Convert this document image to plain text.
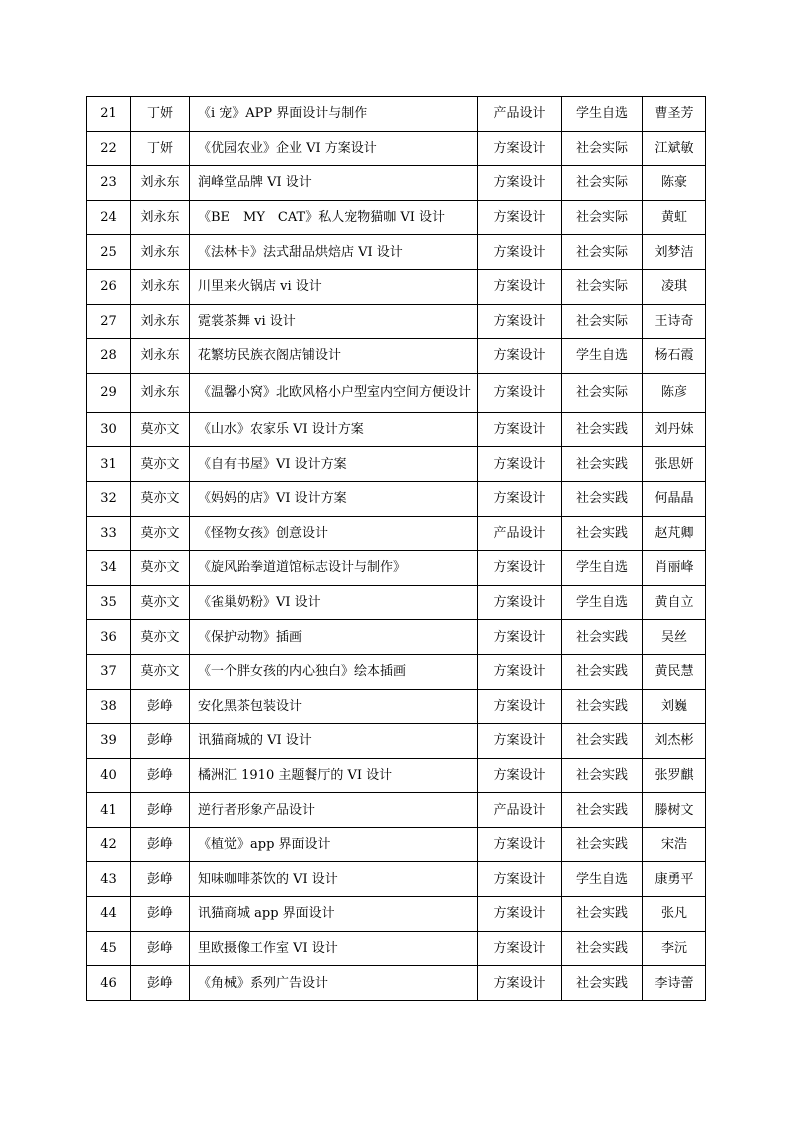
21	丁妍	《i 宠》APP 界面设计与制作	产品设计	学生自选	曹圣芳
22	丁妍	《优园农业》企业 VI 方案设计	方案设计	社会实际	江斌敏
23	刘永东	润峰堂品牌 VI 设计	方案设计	社会实际	陈豪
24	刘永东	《BE　MY　CAT》私人宠物猫咖 VI 设计	方案设计	社会实际	黄虹
25	刘永东	《法林卡》法式甜品烘焙店 VI 设计	方案设计	社会实际	刘梦洁
26	刘永东	川里来火锅店 vi 设计	方案设计	社会实际	凌琪
27	刘永东	霓裳茶舞 vi 设计	方案设计	社会实际	王诗奇
28	刘永东	花繁坊民族衣阁店铺设计	方案设计	学生自选	杨石霞
29	刘永东	《温馨小窝》北欧风格小户型室内空间方便设计	方案设计	社会实际	陈彦
30	莫亦文	《山水》农家乐 VI 设计方案	方案设计	社会实践	刘丹妹
31	莫亦文	《自有书屋》VI 设计方案	方案设计	社会实践	张思妍
32	莫亦文	《妈妈的店》VI 设计方案	方案设计	社会实践	何晶晶
33	莫亦文	《怪物女孩》创意设计	产品设计	社会实践	赵芃卿
34	莫亦文	《旋风跆拳道道馆标志设计与制作》	方案设计	学生自选	肖丽峰
35	莫亦文	《雀巢奶粉》VI 设计	方案设计	学生自选	黄自立
36	莫亦文	《保护动物》插画	方案设计	社会实践	吴丝
37	莫亦文	《一个胖女孩的内心独白》绘本插画	方案设计	社会实践	黄民慧
38	彭峥	安化黑茶包装设计	方案设计	社会实践	刘巍
39	彭峥	讯猫商城的 VI 设计	方案设计	社会实践	刘杰彬
40	彭峥	橘洲汇 1910 主题餐厅的 VI 设计	方案设计	社会实践	张罗麒
41	彭峥	逆行者形象产品设计	产品设计	社会实践	滕树文
42	彭峥	《植觉》app 界面设计	方案设计	社会实践	宋浩
43	彭峥	知味咖啡茶饮的 VI 设计	方案设计	学生自选	康勇平
44	彭峥	讯猫商城 app 界面设计	方案设计	社会实践	张凡
45	彭峥	里欧摄像工作室 VI 设计	方案设计	社会实践	李沅
46	彭峥	《角械》系列广告设计	方案设计	社会实践	李诗蕾
